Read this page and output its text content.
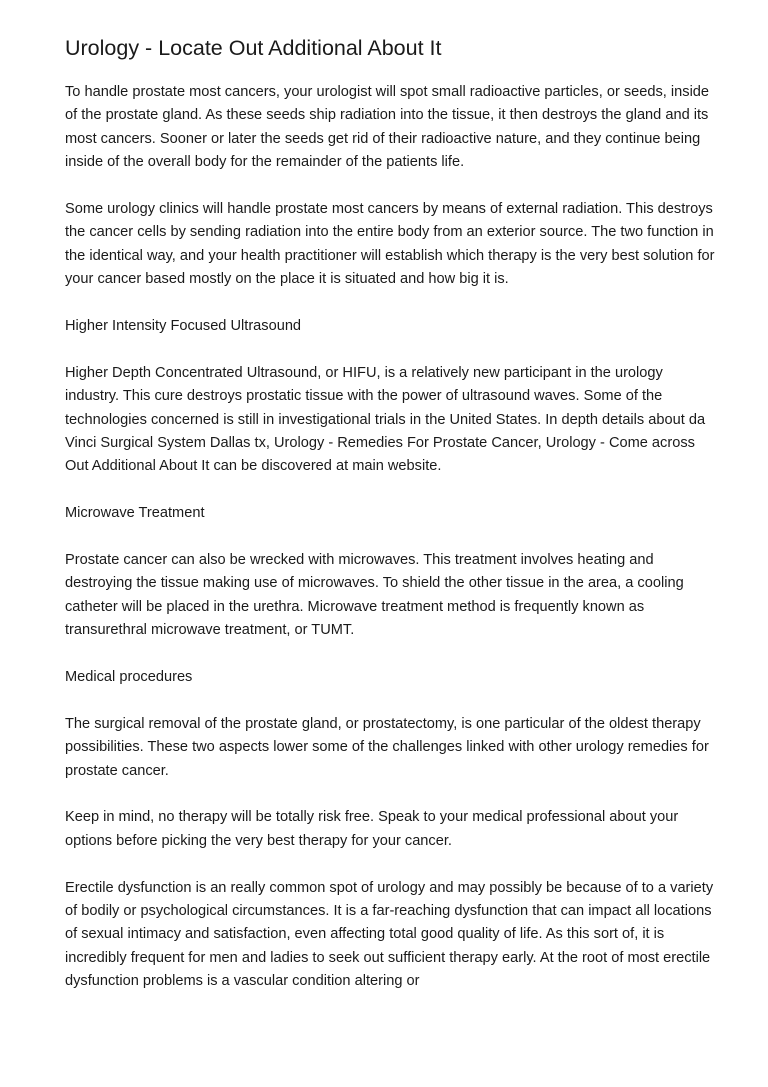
Urology - Locate Out Additional About It

To handle prostate most cancers, your urologist will spot small radioactive particles, or seeds, inside of the prostate gland. As these seeds ship radiation into the tissue, it then destroys the gland and its most cancers. Sooner or later the seeds get rid of their radioactive nature, and they continue being inside of the overall body for the remainder of the patients life.

Some urology clinics will handle prostate most cancers by means of external radiation. This destroys the cancer cells by sending radiation into the entire body from an exterior source. The two function in the identical way, and your health practitioner will establish which therapy is the very best solution for your cancer based mostly on the place it is situated and how big it is.

Higher Intensity Focused Ultrasound

Higher Depth Concentrated Ultrasound, or HIFU, is a relatively new participant in the urology industry. This cure destroys prostatic tissue with the power of ultrasound waves. Some of the technologies concerned is still in investigational trials in the United States. In depth details about da Vinci Surgical System Dallas tx, Urology - Remedies For Prostate Cancer, Urology - Come across Out Additional About It can be discovered at main website.

Microwave Treatment

Prostate cancer can also be wrecked with microwaves. This treatment involves heating and destroying the tissue making use of microwaves. To shield the other tissue in the area, a cooling catheter will be placed in the urethra. Microwave treatment method is frequently known as transurethral microwave treatment, or TUMT.

Medical procedures

The surgical removal of the prostate gland, or prostatectomy, is one particular of the oldest therapy possibilities. These two aspects lower some of the challenges linked with other urology remedies for prostate cancer.

Keep in mind, no therapy will be totally risk free. Speak to your medical professional about your options before picking the very best therapy for your cancer.

Erectile dysfunction is an really common spot of urology and may possibly be because of to a variety of bodily or psychological circumstances. It is a far-reaching dysfunction that can impact all locations of sexual intimacy and satisfaction, even affecting total good quality of life. As this sort of, it is incredibly frequent for men and ladies to seek out sufficient therapy early. At the root of most erectile dysfunction problems is a vascular condition altering or
